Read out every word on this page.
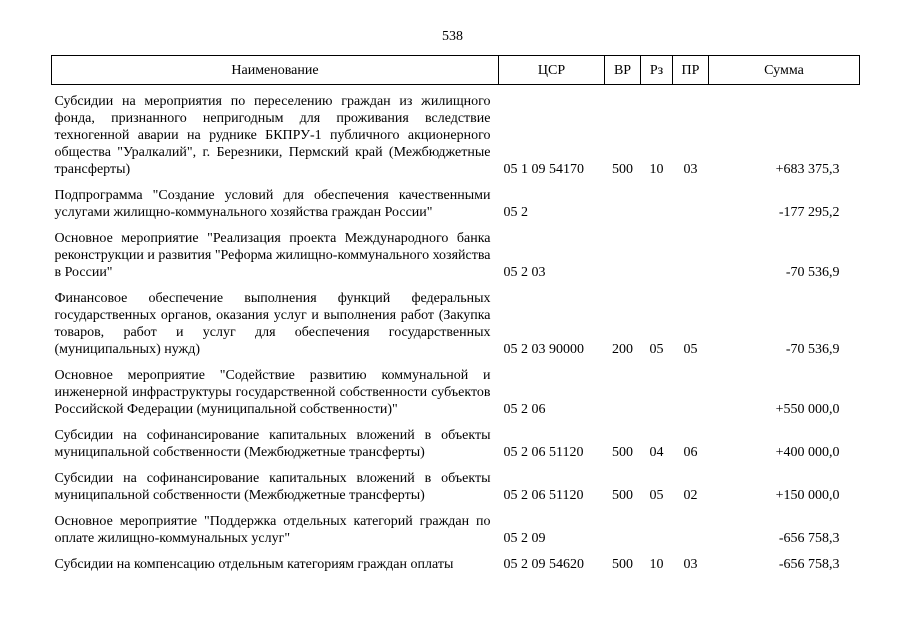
538
Наименование	ЦСР	ВР	Рз	ПР	Сумма
Субсидии на мероприятия по переселению граждан из жилищного фонда, признанного непригодным для проживания вследствие техногенной аварии на руднике БКПРУ-1 публичного акционерного общества "Уралкалий", г. Березники, Пермский край (Межбюджетные трансферты)	05 1 09 54170	500	10	03	+683 375,3
Подпрограмма "Создание условий для обеспечения качественными услугами жилищно-коммунального хозяйства граждан России"	05 2				-177 295,2
Основное мероприятие "Реализация проекта Международного банка реконструкции и развития "Реформа жилищно-коммунального хозяйства в России"	05 2 03				-70 536,9
Финансовое обеспечение выполнения функций федеральных государственных органов, оказания услуг и выполнения работ (Закупка товаров, работ и услуг для обеспечения государственных (муниципальных) нужд)	05 2 03 90000	200	05	05	-70 536,9
Основное мероприятие "Содействие развитию коммунальной и инженерной инфраструктуры государственной собственности субъектов Российской Федерации (муниципальной собственности)"	05 2 06				+550 000,0
Субсидии на софинансирование капитальных вложений в объекты муниципальной собственности (Межбюджетные трансферты)	05 2 06 51120	500	04	06	+400 000,0
Субсидии на софинансирование капитальных вложений в объекты муниципальной собственности (Межбюджетные трансферты)	05 2 06 51120	500	05	02	+150 000,0
Основное мероприятие "Поддержка отдельных категорий граждан по оплате жилищно-коммунальных услуг"	05 2 09				-656 758,3
Субсидии на компенсацию отдельным категориям граждан оплаты	05 2 09 54620	500	10	03	-656 758,3
